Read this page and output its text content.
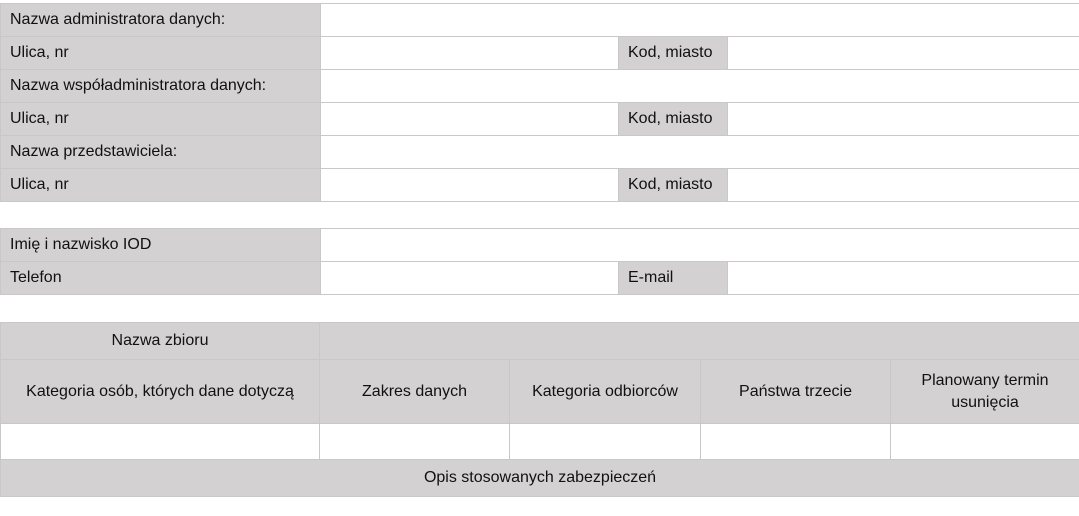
Nazwa administratora danych:			
Ulica, nr		Kod, miasto	
Nazwa współadministratora danych:			
Ulica, nr		Kod, miasto	
Nazwa przedstawiciela:			
Ulica, nr		Kod, miasto	
Imię i nazwisko IOD			
Telefon		E-mail	
Nazwa zbioru				
Kategoria osób, których dane dotyczą	Zakres danych	Kategoria odbiorców	Państwa trzecie	Planowany termin usunięcia

Opis stosowanych zabezpieczeń				
